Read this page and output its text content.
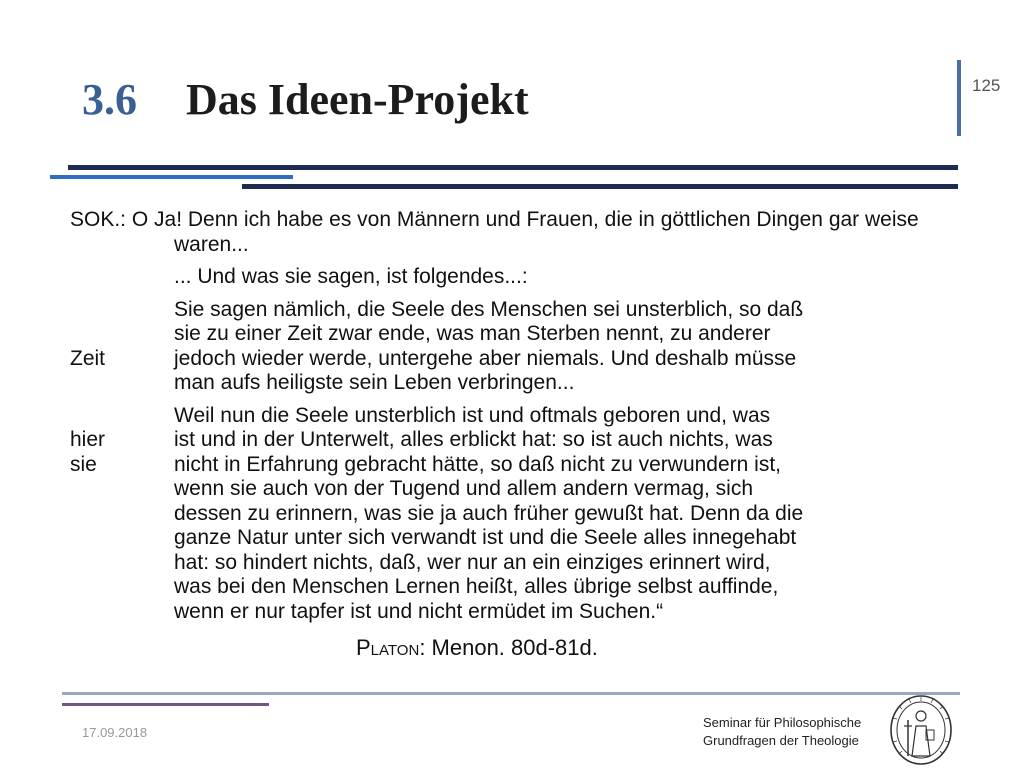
3.6 Das Ideen-Projekt	125
SOK.: O Ja! Denn ich habe es von Männern und Frauen, die in göttlichen Dingen gar weise waren...
... Und was sie sagen, ist folgendes...:
Sie sagen nämlich, die Seele des Menschen sei unsterblich, so daß
sie zu einer Zeit zwar ende, was man Sterben nennt, zu anderer
Zeit	jedoch wieder werde, untergehe aber niemals. Und deshalb müsse
man aufs heiligste sein Leben verbringen...
Weil nun die Seele unsterblich ist und oftmals geboren und, was
hier	ist und in der Unterwelt, alles erblickt hat: so ist auch nichts, was
sie	nicht in Erfahrung gebracht hätte, so daß nicht zu verwundern ist,
wenn sie auch von der Tugend und allem andern vermag, sich
dessen zu erinnern, was sie ja auch früher gewußt hat. Denn da die
ganze Natur unter sich verwandt ist und die Seele alles innegehabt
hat: so hindert nichts, daß, wer nur an ein einziges erinnert wird,
was bei den Menschen Lernen heißt, alles übrige selbst auffinde,
wenn er nur tapfer ist und nicht ermüdet im Suchen.“
Platon: Menon. 80d-81d.
17.09.2018
Seminar für Philosophische
Grundfragen der Theologie
